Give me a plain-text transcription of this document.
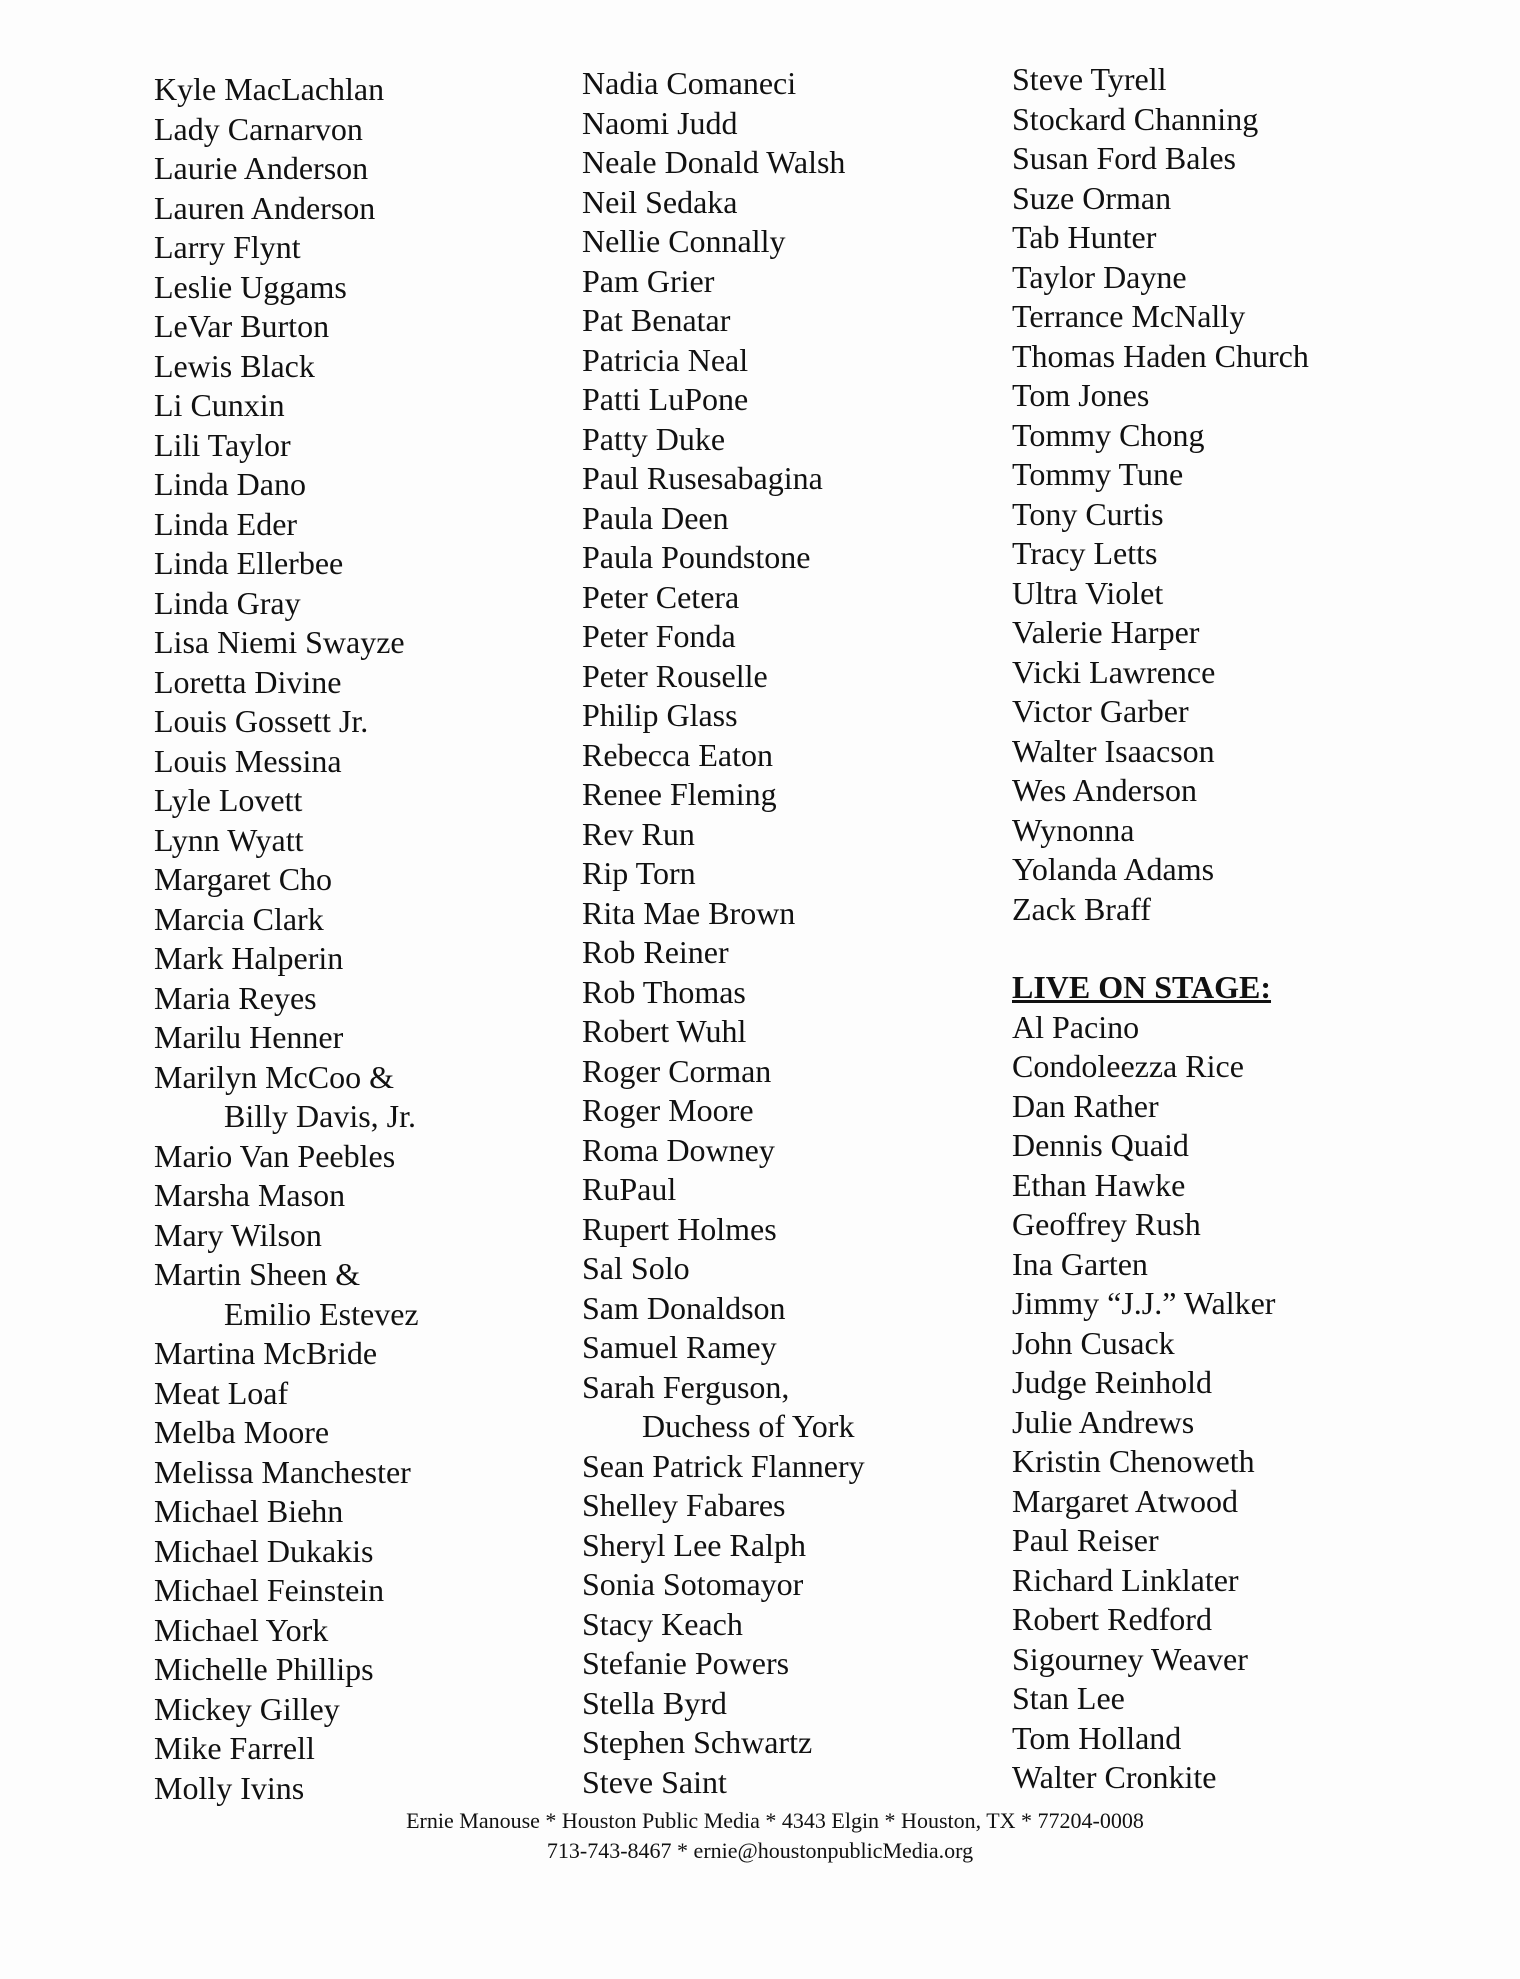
Kyle MacLachlan
Lady Carnarvon
Laurie Anderson
Lauren Anderson
Larry Flynt
Leslie Uggams
LeVar Burton
Lewis Black
Li Cunxin
Lili Taylor
Linda Dano
Linda Eder
Linda Ellerbee
Linda Gray
Lisa Niemi Swayze
Loretta Divine
Louis Gossett Jr.
Louis Messina
Lyle Lovett
Lynn Wyatt
Margaret Cho
Marcia Clark
Mark Halperin
Maria Reyes
Marilu Henner
Marilyn McCoo &
Billy Davis, Jr.
Mario Van Peebles
Marsha Mason
Mary Wilson
Martin Sheen &
Emilio Estevez
Martina McBride
Meat Loaf
Melba Moore
Melissa Manchester
Michael Biehn
Michael Dukakis
Michael Feinstein
Michael York
Michelle Phillips
Mickey Gilley
Mike Farrell
Molly Ivins
Nadia Comaneci
Naomi Judd
Neale Donald Walsh
Neil Sedaka
Nellie Connally
Pam Grier
Pat Benatar
Patricia Neal
Patti LuPone
Patty Duke
Paul Rusesabagina
Paula Deen
Paula Poundstone
Peter Cetera
Peter Fonda
Peter Rouselle
Philip Glass
Rebecca Eaton
Renee Fleming
Rev Run
Rip Torn
Rita Mae Brown
Rob Reiner
Rob Thomas
Robert Wuhl
Roger Corman
Roger Moore
Roma Downey
RuPaul
Rupert Holmes
Sal Solo
Sam Donaldson
Samuel Ramey
Sarah Ferguson,
Duchess of York
Sean Patrick Flannery
Shelley Fabares
Sheryl Lee Ralph
Sonia Sotomayor
Stacy Keach
Stefanie Powers
Stella Byrd
Stephen Schwartz
Steve Saint
Steve Tyrell
Stockard Channing
Susan Ford Bales
Suze Orman
Tab Hunter
Taylor Dayne
Terrance McNally
Thomas Haden Church
Tom Jones
Tommy Chong
Tommy Tune
Tony Curtis
Tracy Letts
Ultra Violet
Valerie Harper
Vicki Lawrence
Victor Garber
Walter Isaacson
Wes Anderson
Wynonna
Yolanda Adams
Zack Braff
LIVE ON STAGE:
Al Pacino
Condoleezza Rice
Dan Rather
Dennis Quaid
Ethan Hawke
Geoffrey Rush
Ina Garten
Jimmy “J.J.” Walker
John Cusack
Judge Reinhold
Julie Andrews
Kristin Chenoweth
Margaret Atwood
Paul Reiser
Richard Linklater
Robert Redford
Sigourney Weaver
Stan Lee
Tom Holland
Walter Cronkite
Ernie Manouse * Houston Public Media * 4343 Elgin * Houston, TX * 77204-0008
713-743-8467 * ernie@houstonpublicMedia.org
